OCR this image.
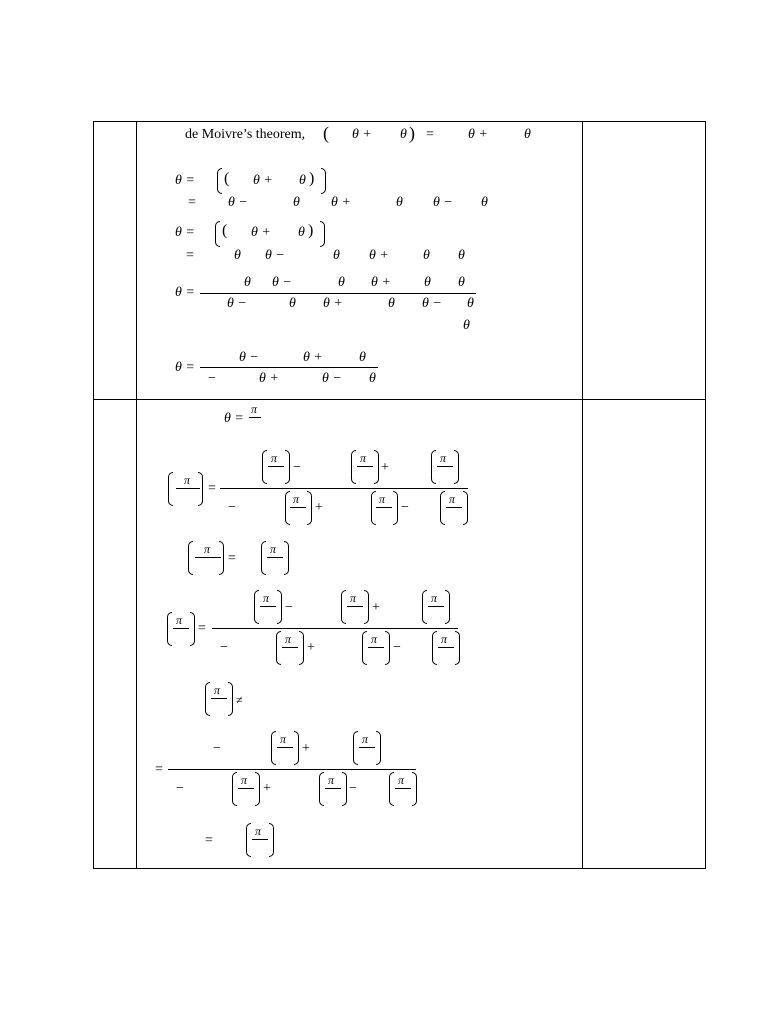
de Moivre’s theorem, ( θ + θ ) = θ +	θ
θ = ( θ + θ )
= θ −	θ θ +	θ θ − θ
θ = ( θ + θ )
=	θ θ −	θ θ + θ θ
θ =
θ θ −	θ θ + θ θ
θ −	θ θ +	θ θ − θ
θ
θ =
θ −	θ +	θ
−	θ +	θ − θ
θ =
π
π
=
π
−
π
+
π
−
π
+
π
−
π
π
=
π
π
=
π
−
π
+
π
−
π
+
π
−
π
π
≠
=
−
π
+
π
−
π
+
π
−
π
=
π
